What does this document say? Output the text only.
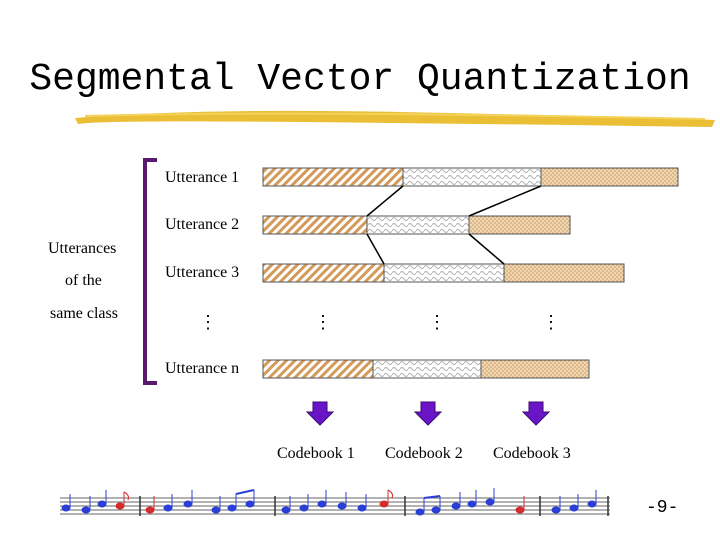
Segmental Vector Quantization
Utterances
of the
same class
Utterance 1
Utterance 2
Utterance 3
Utterance n
⋮	⋮	⋮	⋮
Codebook 1 Codebook 2 Codebook 3
-9-
